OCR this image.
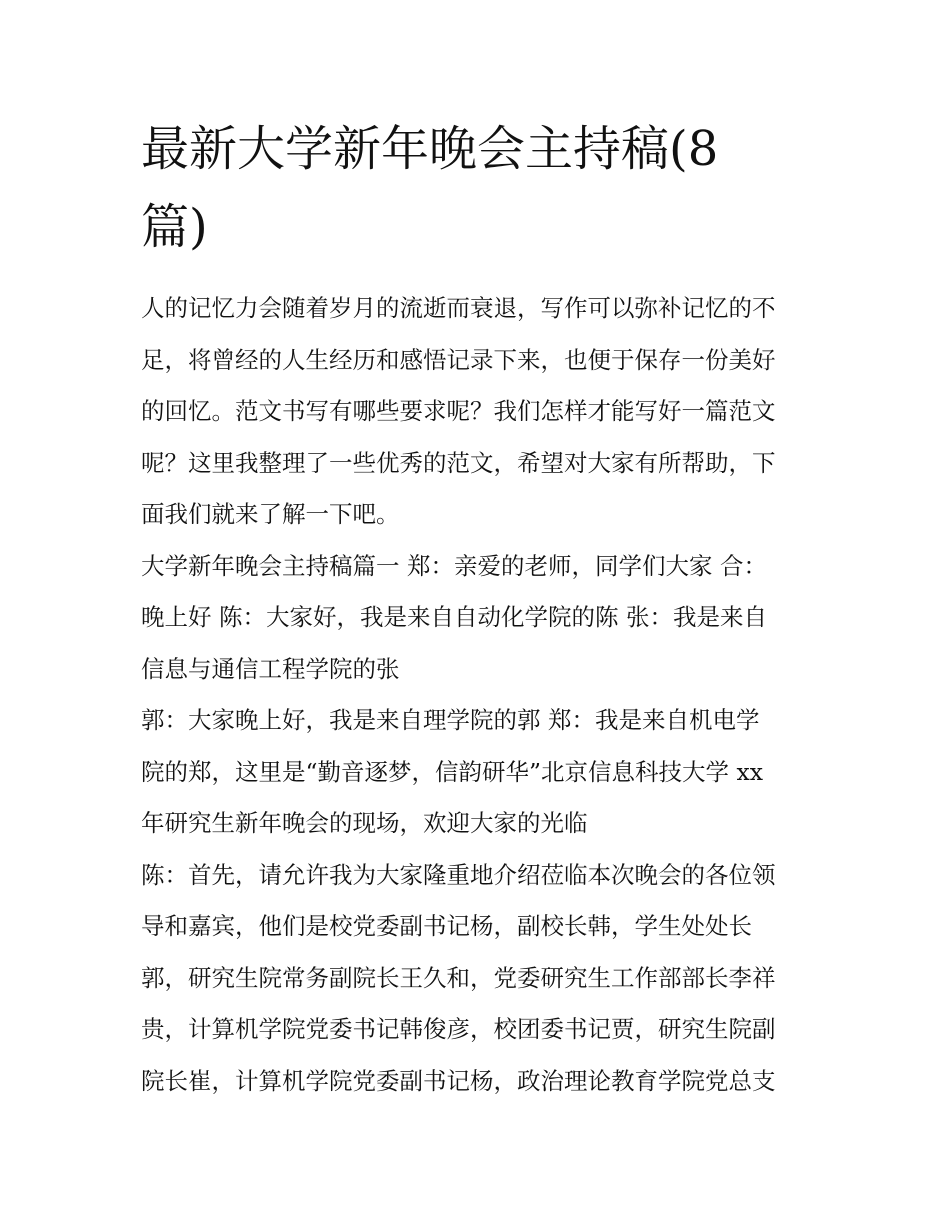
最新大学新年晚会主持稿(8
篇)

人的记忆力会随着岁月的流逝而衰退，写作可以弥补记忆的不
足，将曾经的人生经历和感悟记录下来，也便于保存一份美好
的回忆。范文书写有哪些要求呢？我们怎样才能写好一篇范文
呢？这里我整理了一些优秀的范文，希望对大家有所帮助，下
面我们就来了解一下吧。

大学新年晚会主持稿篇一 郑：亲爱的老师，同学们大家 合：
晚上好 陈：大家好，我是来自自动化学院的陈 张：我是来自
信息与通信工程学院的张

郭：大家晚上好，我是来自理学院的郭 郑：我是来自机电学
院的郑，这里是“勤音逐梦，信韵研华”北京信息科技大学 xx
年研究生新年晚会的现场，欢迎大家的光临

陈：首先，请允许我为大家隆重地介绍莅临本次晚会的各位领
导和嘉宾，他们是校党委副书记杨，副校长韩，学生处处长
郭，研究生院常务副院长王久和，党委研究生工作部部长李祥
贵，计算机学院党委书记韩俊彦，校团委书记贾，研究生院副
院长崔，计算机学院党委副书记杨，政治理论教育学院党总支
